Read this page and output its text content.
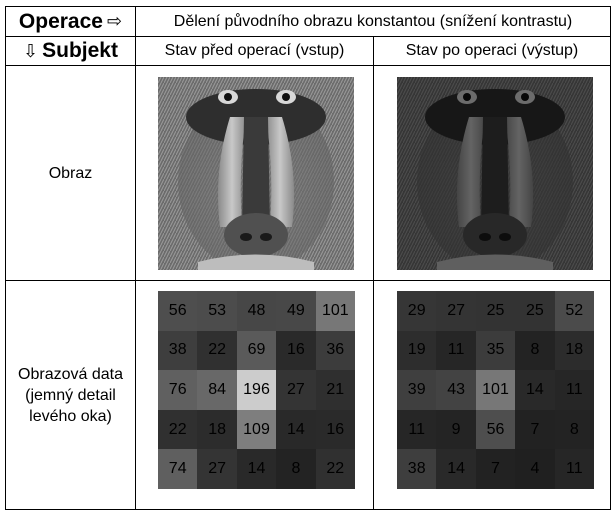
Operace ⇨	Dělení původního obrazu konstantou (snížení kontrastu)
⇩ Subjekt	Stav před operací (vstup)	Stav po operaci (výstup)
Obraz
Obrazová data (jemný detail levého oka)
56	53	48	49	101
38	22	69	16	36
76	84	196	27	21
22	18	109	14	16
74	27	14	8	22
29	27	25	25	52
19	11	35	8	18
39	43	101	14	11
11	9	56	7	8
38	14	7	4	11
